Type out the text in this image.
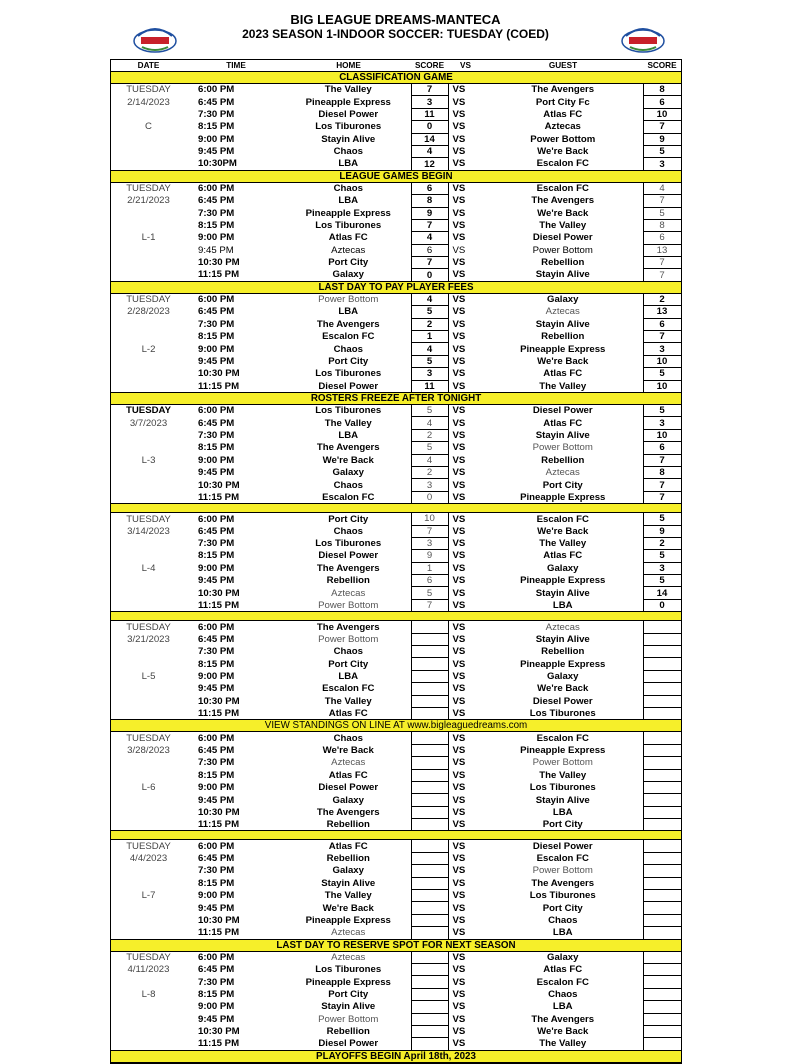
BIG LEAGUE DREAMS-MANTECA
2023 SEASON 1-INDOOR SOCCER: TUESDAY (COED)
DATE	TIME	HOME	SCORE	VS	GUEST	SCORE
CLASSIFICATION GAME						
TUESDAY	6:00 PM	The Valley	7	VS	The Avengers	8
2/14/2023	6:45 PM	Pineapple Express	3	VS	Port City Fc	6
	7:30 PM	Diesel Power	11	VS	Atlas FC	10
C	8:15 PM	Los Tiburones	0	VS	Aztecas	7
	9:00 PM	Stayin Alive	14	VS	Power Bottom	9
	9:45 PM	Chaos	4	VS	We're Back	5
	10:30PM	LBA	12	VS	Escalon FC	3
LEAGUE GAMES BEGIN						
TUESDAY	6:00 PM	Chaos	6	VS	Escalon FC	4
2/21/2023	6:45 PM	LBA	8	VS	The Avengers	7
	7:30 PM	Pineapple Express	9	VS	We're Back	5
	8:15 PM	Los Tiburones	7	VS	The Valley	8
L-1	9:00 PM	Atlas FC	4	VS	Diesel Power	6
	9:45 PM	Aztecas	6	VS	Power Bottom	13
	10:30 PM	Port City	7	VS	Rebellion	7
	11:15 PM	Galaxy	0	VS	Stayin Alive	7
LAST DAY TO PAY PLAYER FEES						
TUESDAY	6:00 PM	Power Bottom	4	VS	Galaxy	2
2/28/2023	6:45 PM	LBA	5	VS	Aztecas	13
	7:30 PM	The Avengers	2	VS	Stayin Alive	6
	8:15 PM	Escalon FC	1	VS	Rebellion	7
L-2	9:00 PM	Chaos	4	VS	Pineapple Express	3
	9:45 PM	Port City	5	VS	We're Back	10
	10:30 PM	Los Tiburones	3	VS	Atlas FC	5
	11:15 PM	Diesel Power	11	VS	The Valley	10
ROSTERS FREEZE AFTER TONIGHT						
TUESDAY	6:00 PM	Los Tiburones	5	VS	Diesel Power	5
3/7/2023	6:45 PM	The Valley	4	VS	Atlas FC	3
	7:30 PM	LBA	2	VS	Stayin Alive	10
	8:15 PM	The Avengers	5	VS	Power Bottom	6
L-3	9:00 PM	We're Back	4	VS	Rebellion	7
	9:45 PM	Galaxy	2	VS	Aztecas	8
	10:30 PM	Chaos	3	VS	Port City	7
	11:15 PM	Escalon FC	0	VS	Pineapple Express	7

TUESDAY	6:00 PM	Port City	10	VS	Escalon FC	5
3/14/2023	6:45 PM	Chaos	7	VS	We're Back	9
	7:30 PM	Los Tiburones	3	VS	The Valley	2
	8:15 PM	Diesel Power	9	VS	Atlas FC	5
L-4	9:00 PM	The Avengers	1	VS	Galaxy	3
	9:45 PM	Rebellion	6	VS	Pineapple Express	5
	10:30 PM	Aztecas	5	VS	Stayin Alive	14
	11:15 PM	Power Bottom	7	VS	LBA	0

TUESDAY	6:00 PM	The Avengers		VS	Aztecas	
3/21/2023	6:45 PM	Power Bottom		VS	Stayin Alive	
	7:30 PM	Chaos		VS	Rebellion	
	8:15 PM	Port City		VS	Pineapple Express	
L-5	9:00 PM	LBA		VS	Galaxy	
	9:45 PM	Escalon FC		VS	We're Back	
	10:30 PM	The Valley		VS	Diesel Power	
	11:15 PM	Atlas FC		VS	Los Tiburones	
VIEW STANDINGS ON LINE AT www.bigleaguedreams.com						
TUESDAY	6:00 PM	Chaos		VS	Escalon FC	
3/28/2023	6:45 PM	We're Back		VS	Pineapple Express	
	7:30 PM	Aztecas		VS	Power Bottom	
	8:15 PM	Atlas FC		VS	The Valley	
L-6	9:00 PM	Diesel Power		VS	Los Tiburones	
	9:45 PM	Galaxy		VS	Stayin Alive	
	10:30 PM	The Avengers		VS	LBA	
	11:15 PM	Rebellion		VS	Port City	

TUESDAY	6:00 PM	Atlas FC		VS	Diesel Power	
4/4/2023	6:45 PM	Rebellion		VS	Escalon FC	
	7:30 PM	Galaxy		VS	Power Bottom	
	8:15 PM	Stayin Alive		VS	The Avengers	
L-7	9:00 PM	The Valley		VS	Los Tiburones	
	9:45 PM	We're Back		VS	Port City	
	10:30 PM	Pineapple Express		VS	Chaos	
	11:15 PM	Aztecas		VS	LBA	
LAST DAY TO RESERVE SPOT FOR NEXT SEASON						
TUESDAY	6:00 PM	Aztecas		VS	Galaxy	
4/11/2023	6:45 PM	Los Tiburones		VS	Atlas FC	
	7:30 PM	Pineapple Express		VS	Escalon FC	
L-8	8:15 PM	Port City		VS	Chaos	
	9:00 PM	Stayin Alive		VS	LBA	
	9:45 PM	Power Bottom		VS	The Avengers	
	10:30 PM	Rebellion		VS	We're Back	
	11:15 PM	Diesel Power		VS	The Valley	
PLAYOFFS BEGIN April 18th, 2023						
